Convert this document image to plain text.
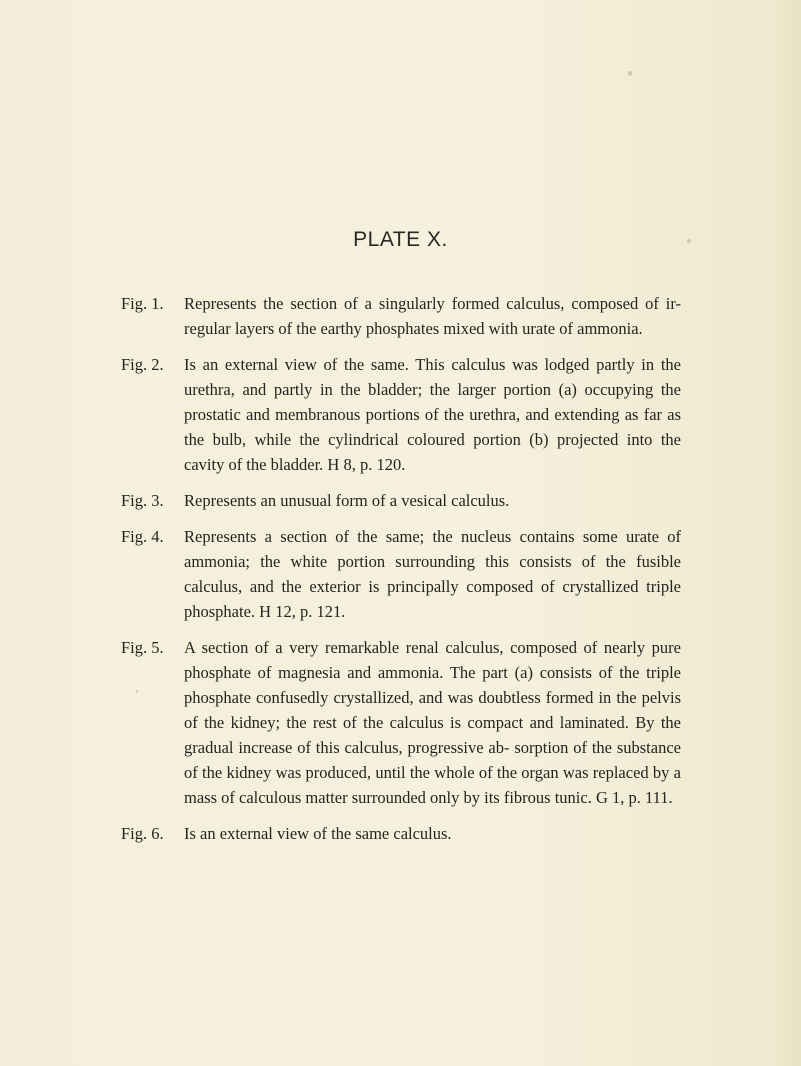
PLATE X.
Fig. 1.	Represents the section of a singularly formed calculus, composed of ir- regular layers of the earthy phosphates mixed with urate of ammonia.
Fig. 2.	Is an external view of the same. This calculus was lodged partly in the urethra, and partly in the bladder; the larger portion (a) occupying the prostatic and membranous portions of the urethra, and extending as far as the bulb, while the cylindrical coloured portion (b) projected into the cavity of the bladder. H 8, p. 120.
Fig. 3.	Represents an unusual form of a vesical calculus.
Fig. 4.	Represents a section of the same; the nucleus contains some urate of ammonia; the white portion surrounding this consists of the fusible calculus, and the exterior is principally composed of crystallized triple phosphate. H 12, p. 121.
Fig. 5.	A section of a very remarkable renal calculus, composed of nearly pure phosphate of magnesia and ammonia. The part (a) consists of the triple phosphate confusedly crystallized, and was doubtless formed in the pelvis of the kidney; the rest of the calculus is compact and laminated. By the gradual increase of this calculus, progressive ab- sorption of the substance of the kidney was produced, until the whole of the organ was replaced by a mass of calculous matter surrounded only by its fibrous tunic. G 1, p. 111.
Fig. 6.	Is an external view of the same calculus.
